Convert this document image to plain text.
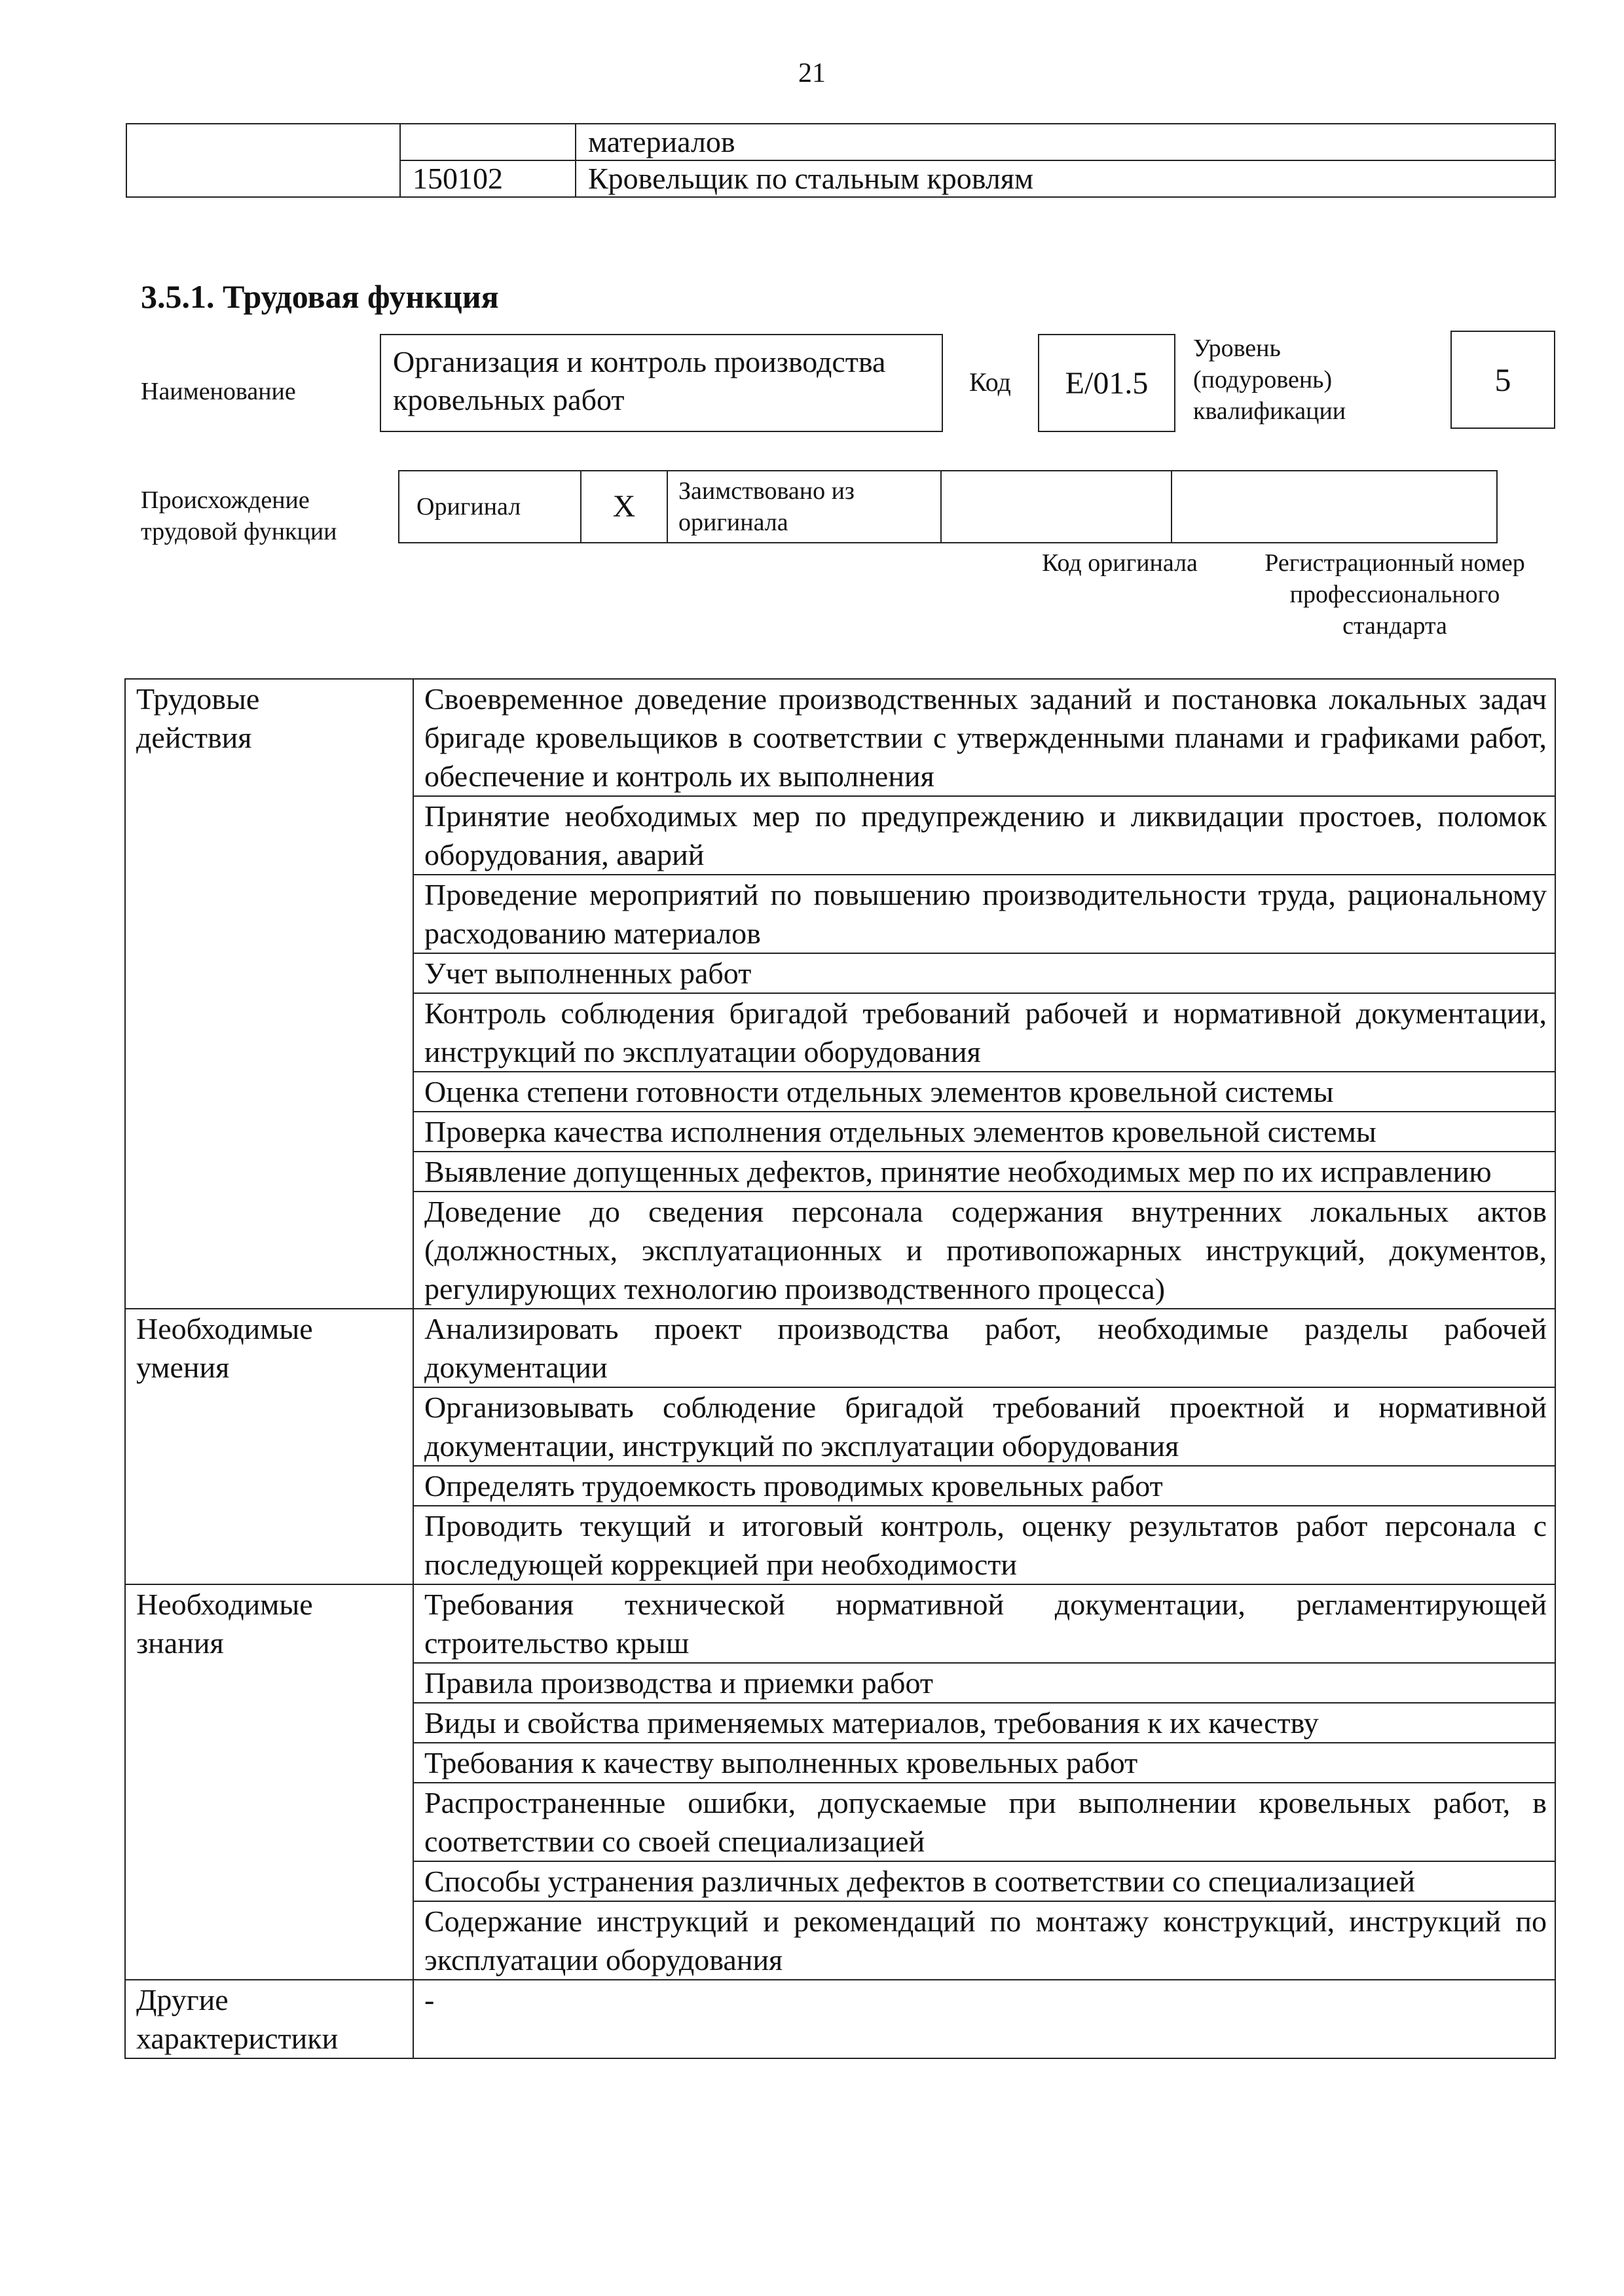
21
		материалов
	150102	Кровельщик по стальным кровлям
3.5.1. Трудовая функция
Наименование
Организация и контроль производства кровельных работ
Код	E/01.5
Уровень
(подуровень)
квалификации
5
Происхождение
трудовой функции
Оригинал	X	Заимствовано из
оригинала

Код оригинала	Регистрационный номер
профессионального
стандарта
Трудовые
действия	Своевременное доведение производственных заданий и постановка локальных задач бригаде кровельщиков в соответствии с утвержденными планами и графиками работ, обеспечение и контроль их выполнения
	Принятие необходимых мер по предупреждению и ликвидации простоев, поломок оборудования, аварий
	Проведение мероприятий по повышению производительности труда, рациональному расходованию материалов
	Учет выполненных работ
	Контроль соблюдения бригадой требований рабочей и нормативной документации, инструкций по эксплуатации оборудования
	Оценка степени готовности отдельных элементов кровельной системы
	Проверка качества исполнения отдельных элементов кровельной системы
	Выявление допущенных дефектов, принятие необходимых мер по их исправлению
	Доведение до сведения персонала содержания внутренних локальных актов (должностных, эксплуатационных и противопожарных инструкций, документов, регулирующих технологию производственного процесса)

Необходимые
умения	Анализировать проект производства работ, необходимые разделы рабочей документации
	Организовывать соблюдение бригадой требований проектной и нормативной документации, инструкций по эксплуатации оборудования
	Определять трудоемкость проводимых кровельных работ
	Проводить текущий и итоговый контроль, оценку результатов работ персонала с последующей коррекцией при необходимости

Необходимые
знания	Требования технической нормативной документации, регламентирующей строительство крыш
	Правила производства и приемки работ
	Виды и свойства применяемых материалов, требования к их качеству
	Требования к качеству выполненных кровельных работ
	Распространенные ошибки, допускаемые при выполнении кровельных работ, в соответствии со своей специализацией
	Способы устранения различных дефектов в соответствии со специализацией
	Содержание инструкций и рекомендаций по монтажу конструкций, инструкций по эксплуатации оборудования

Другие
характеристики	-
